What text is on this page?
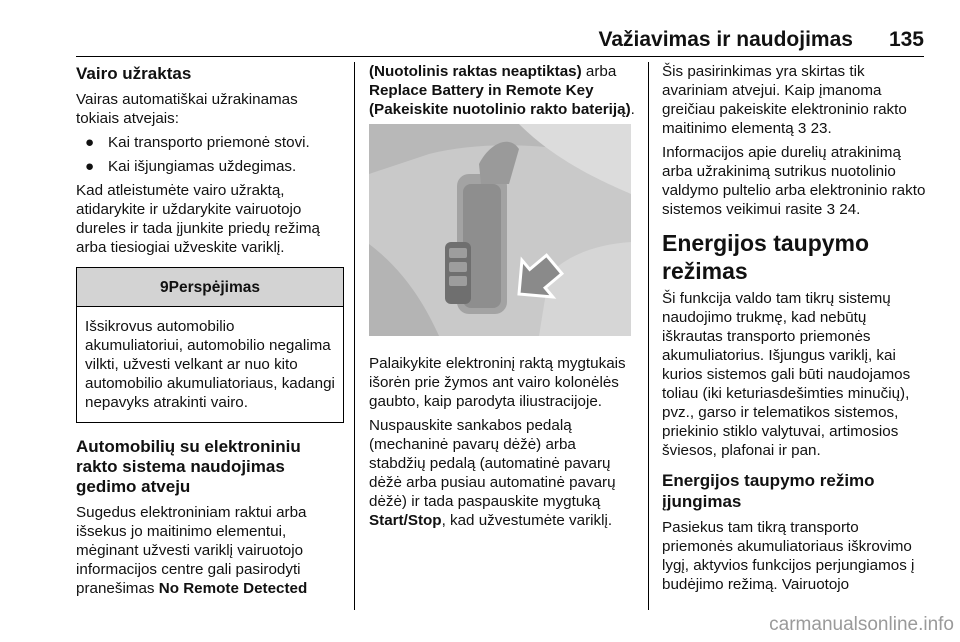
Važiavimas ir naudojimas 135
Vairo užraktas

Vairas automatiškai užrakinamas tokiais atvejais:

● Kai transporto priemonė stovi.
● Kai išjungiamas uždegimas.

Kad atleistumėte vairo užraktą, atidarykite ir uždarykite vairuotojo dureles ir tada įjunkite priedų režimą arba tiesiogiai užveskite variklį.

9Perspėjimas
Išsikrovus automobilio akumuliatoriui, automobilio negalima vilkti, užvesti velkant ar nuo kito automobilio akumuliatoriaus, kadangi nepavyks atrakinti vairo.
Automobilių su elektroniniu rakto sistema naudojimas gedimo atveju

Sugedus elektroniniam raktui arba išsekus jo maitinimo elementui, mėginant užvesti variklį vairuotojo informacijos centre gali pasirodyti pranešimas No Remote Detected

(Nuotolinis raktas neaptiktas) arba Replace Battery in Remote Key (Pakeiskite nuotolinio rakto bateriją).

Palaikykite elektroninį raktą mygtukais išorėn prie žymos ant vairo kolonėlės gaubto, kaip parodyta iliustracijoje.

Nuspauskite sankabos pedalą (mechaninė pavarų dėžė) arba stabdžių pedalą (automatinė pavarų dėžė arba pusiau automatinė pavarų dėžė) ir tada paspauskite mygtuką Start/Stop, kad užvestumėte variklį.

Šis pasirinkimas yra skirtas tik avariniam atvejui. Kaip įmanoma greičiau pakeiskite elektroninio rakto maitinimo elementą 3 23.

Informacijos apie durelių atrakinimą arba užrakinimą sutrikus nuotolinio valdymo pultelio arba elektroninio rakto sistemos veikimui rasite 3 24.

Energijos taupymo režimas

Ši funkcija valdo tam tikrų sistemų naudojimo trukmę, kad nebūtų iškrautas transporto priemonės akumuliatorius. Išjungus variklį, kai kurios sistemos gali būti naudojamos toliau (iki keturiasdešimties minučių), pvz., garso ir telematikos sistemos, priekinio stiklo valytuvai, artimosios šviesos, plafonai ir pan.

Energijos taupymo režimo įjungimas

Pasiekus tam tikrą transporto priemonės akumuliatoriaus iškrovimo lygį, aktyvios funkcijos perjungiamos į budėjimo režimą. Vairuotojo

carmanualsonline.info
